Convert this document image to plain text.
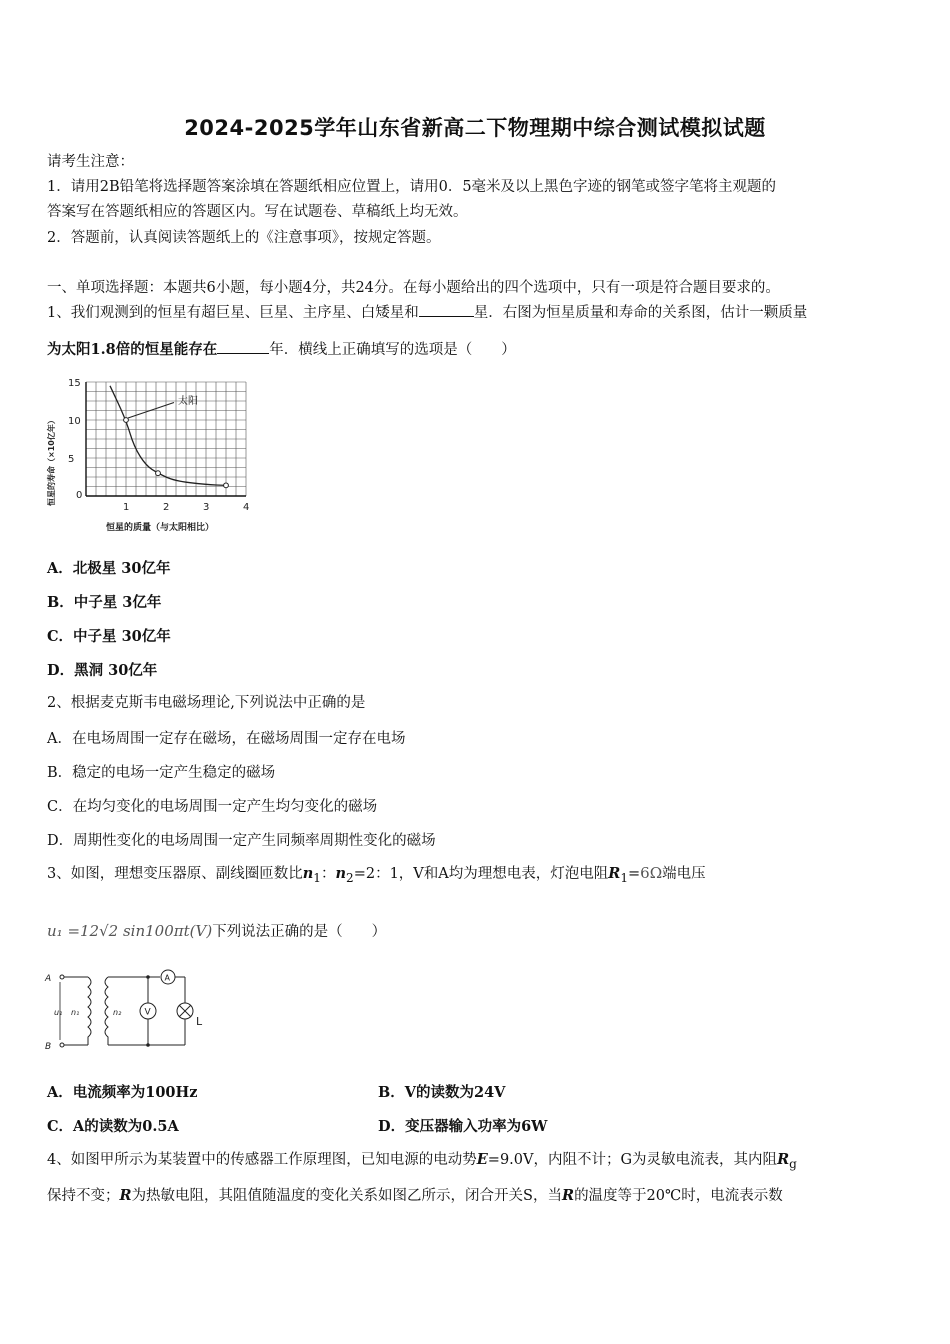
2024-2025学年山东省新高二下物理期中综合测试模拟试题
请考生注意：
1．请用2B铅笔将选择题答案涂填在答题纸相应位置上，请用0．5毫米及以上黑色字迹的钢笔或签字笔将主观题的
答案写在答题纸相应的答题区内。写在试题卷、草稿纸上均无效。
2．答题前，认真阅读答题纸上的《注意事项》，按规定答题。
一、单项选择题：本题共6小题，每小题4分，共24分。在每小题给出的四个选项中，只有一项是符合题目要求的。
1、我们观测到的恒星有超巨星、巨星、主序星、白矮星和	星．右图为恒星质量和寿命的关系图，估计一颗质量
为太阳1.8倍的恒星能存在	年．横线上正确填写的选项是（　　）
1	2	3	4
0
5
10
15
太阳
恒星的寿命（×10亿年）
恒星的质量（与太阳相比）
A．北极星 30亿年
B．中子星 3亿年
C．中子星 30亿年
D．黑洞 30亿年
2、根据麦克斯韦电磁场理论,下列说法中正确的是
A．在电场周围一定存在磁场，在磁场周围一定存在电场
B．稳定的电场一定产生稳定的磁场
C．在均匀变化的电场周围一定产生均匀变化的磁场
D．周期性变化的电场周围一定产生同频率周期性变化的磁场
3、如图，理想变压器原、副线圈匝数比$n_1$：$n_2=2$：1，V和A均为理想电表，灯泡电阻$R_1=6\Omega$端电压
u₁ =12√2 sin100πt(V)下列说法正确的是（　　）
A
B
u₁ n₁	n₂
A
V
L
A．电流频率为100Hz	B．V的读数为24V
C．A的读数为0.5A	D．变压器输入功率为6W
4、如图甲所示为某装置中的传感器工作原理图，已知电源的电动势E=9.0V，内阻不计；G为灵敏电流表，其内阻$R_g$
保持不变；R为热敏电阻，其阻值随温度的变化关系如图乙所示，闭合开关S，当R的温度等于20℃时，电流表示数
